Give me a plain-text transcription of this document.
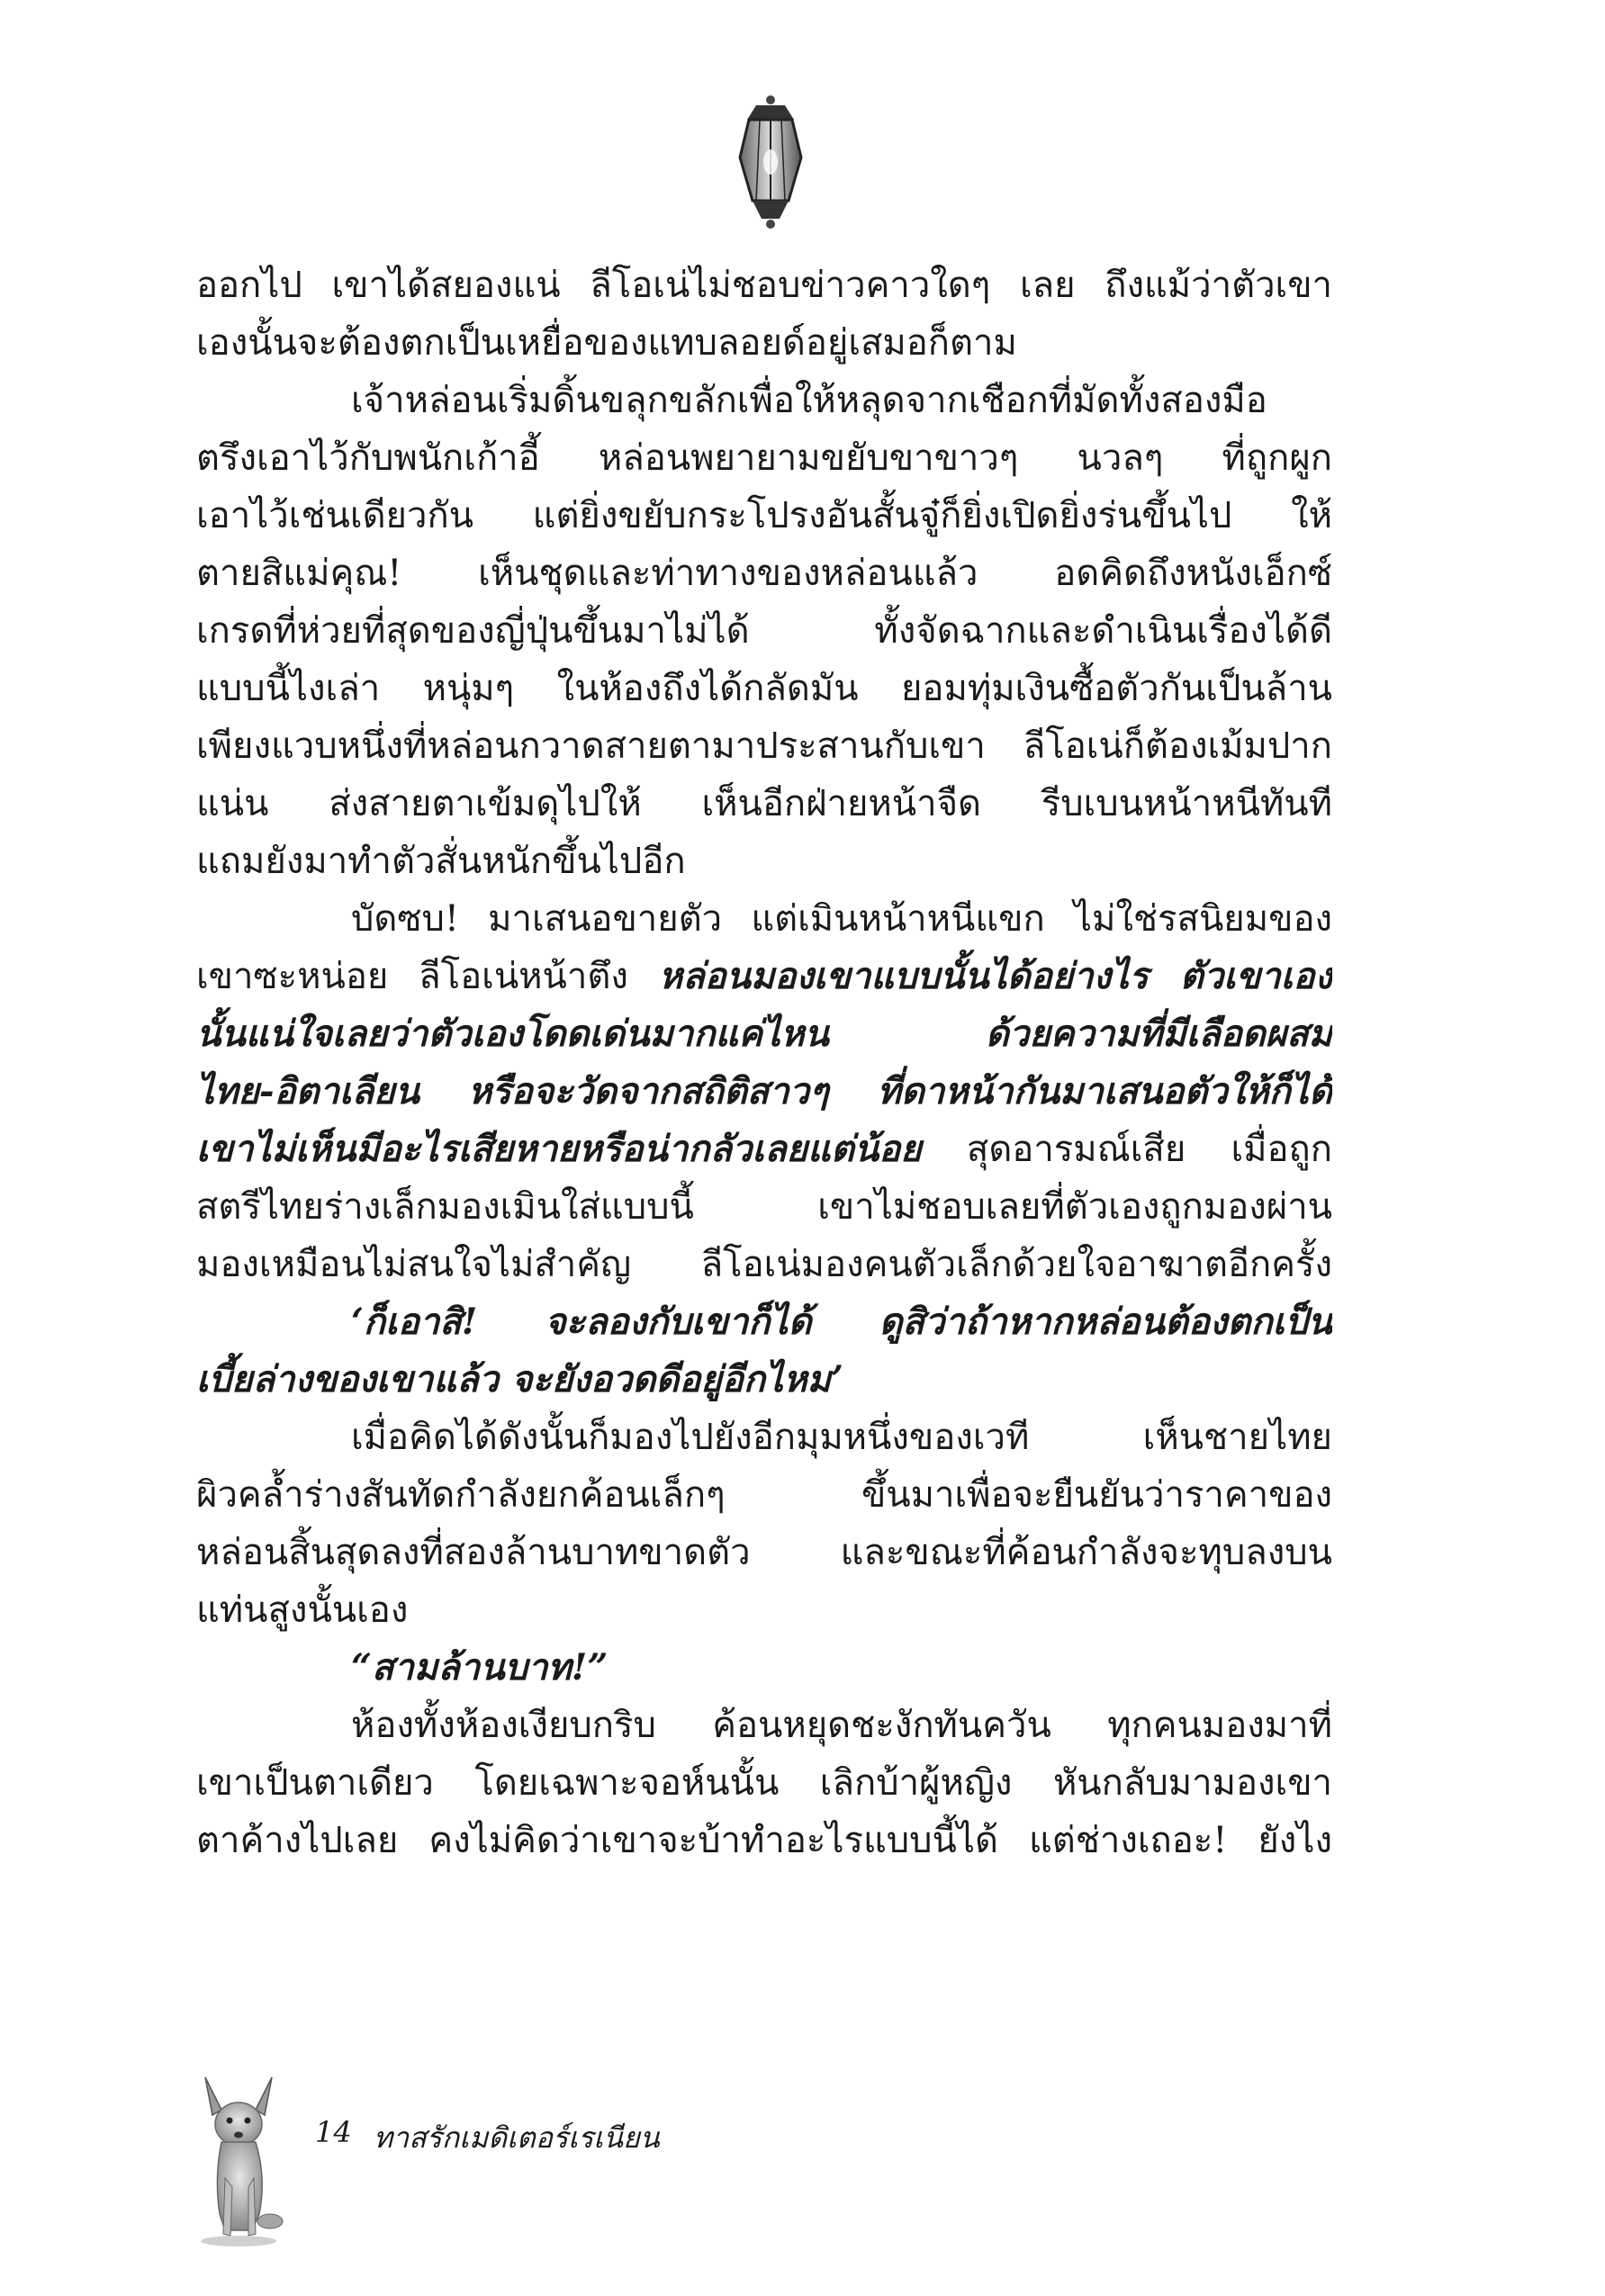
ออกไป เขาได้สยองแน่ ลีโอเน่ไม่ชอบข่าวคาวใดๆ เลย ถึงแม้ว่าตัวเขา
เองนั้นจะต้องตกเป็นเหยื่อของแทบลอยด์อยู่เสมอก็ตาม
เจ้าหล่อนเริ่มดิ้นขลุกขลักเพื่อให้หลุดจากเชือกที่มัดทั้งสองมือ
ตรึงเอาไว้กับพนักเก้าอี้ หล่อนพยายามขยับขาขาวๆ นวลๆ ที่ถูกผูก
เอาไว้เช่นเดียวกัน แต่ยิ่งขยับกระโปรงอันสั้นจู๋ก็ยิ่งเปิดยิ่งร่นขึ้นไป ให้
ตายสิแม่คุณ! เห็นชุดและท่าทางของหล่อนแล้ว อดคิดถึงหนังเอ็กซ์
เกรดที่ห่วยที่สุดของญี่ปุ่นขึ้นมาไม่ได้ ทั้งจัดฉากและดำเนินเรื่องได้ดี
แบบนี้ไงเล่า หนุ่มๆ ในห้องถึงได้กลัดมัน ยอมทุ่มเงินซื้อตัวกันเป็นล้าน
เพียงแวบหนึ่งที่หล่อนกวาดสายตามาประสานกับเขา ลีโอเน่ก็ต้องเม้มปาก
แน่น ส่งสายตาเข้มดุไปให้ เห็นอีกฝ่ายหน้าจืด รีบเบนหน้าหนีทันที
แถมยังมาทำตัวสั่นหนักขึ้นไปอีก
บัดซบ! มาเสนอขายตัว แต่เมินหน้าหนีแขก ไม่ใช่รสนิยมของ
เขาซะหน่อย ลีโอเน่หน้าตึง หล่อนมองเขาแบบนั้นได้อย่างไร ตัวเขาเอง
นั้นแน่ใจเลยว่าตัวเองโดดเด่นมากแค่ไหน ด้วยความที่มีเลือดผสม
ไทย-อิตาเลียน หรือจะวัดจากสถิติสาวๆ ที่ดาหน้ากันมาเสนอตัวให้ก็ได้
เขาไม่เห็นมีอะไรเสียหายหรือน่ากลัวเลยแต่น้อย สุดอารมณ์เสีย เมื่อถูก
สตรีไทยร่างเล็กมองเมินใส่แบบนี้ เขาไม่ชอบเลยที่ตัวเองถูกมองผ่าน
มองเหมือนไม่สนใจไม่สำคัญ ลีโอเน่มองคนตัวเล็กด้วยใจอาฆาตอีกครั้ง
‘ก็เอาสิ! จะลองกับเขาก็ได้ ดูสิว่าถ้าหากหล่อนต้องตกเป็น
เบี้ยล่างของเขาแล้ว จะยังอวดดีอยู่อีกไหม’
เมื่อคิดได้ดังนั้นก็มองไปยังอีกมุมหนึ่งของเวที เห็นชายไทย
ผิวคล้ำร่างสันทัดกำลังยกค้อนเล็กๆ ขึ้นมาเพื่อจะยืนยันว่าราคาของ
หล่อนสิ้นสุดลงที่สองล้านบาทขาดตัว และขณะที่ค้อนกำลังจะทุบลงบน
แท่นสูงนั้นเอง
“สามล้านบาท!”
ห้องทั้งห้องเงียบกริบ ค้อนหยุดชะงักทันควัน ทุกคนมองมาที่
เขาเป็นตาเดียว โดยเฉพาะจอห์นนั้น เลิกบ้าผู้หญิง หันกลับมามองเขา
ตาค้างไปเลย คงไม่คิดว่าเขาจะบ้าทำอะไรแบบนี้ได้ แต่ช่างเถอะ! ยังไง
14 ทาสรักเมดิเตอร์เรเนียน
